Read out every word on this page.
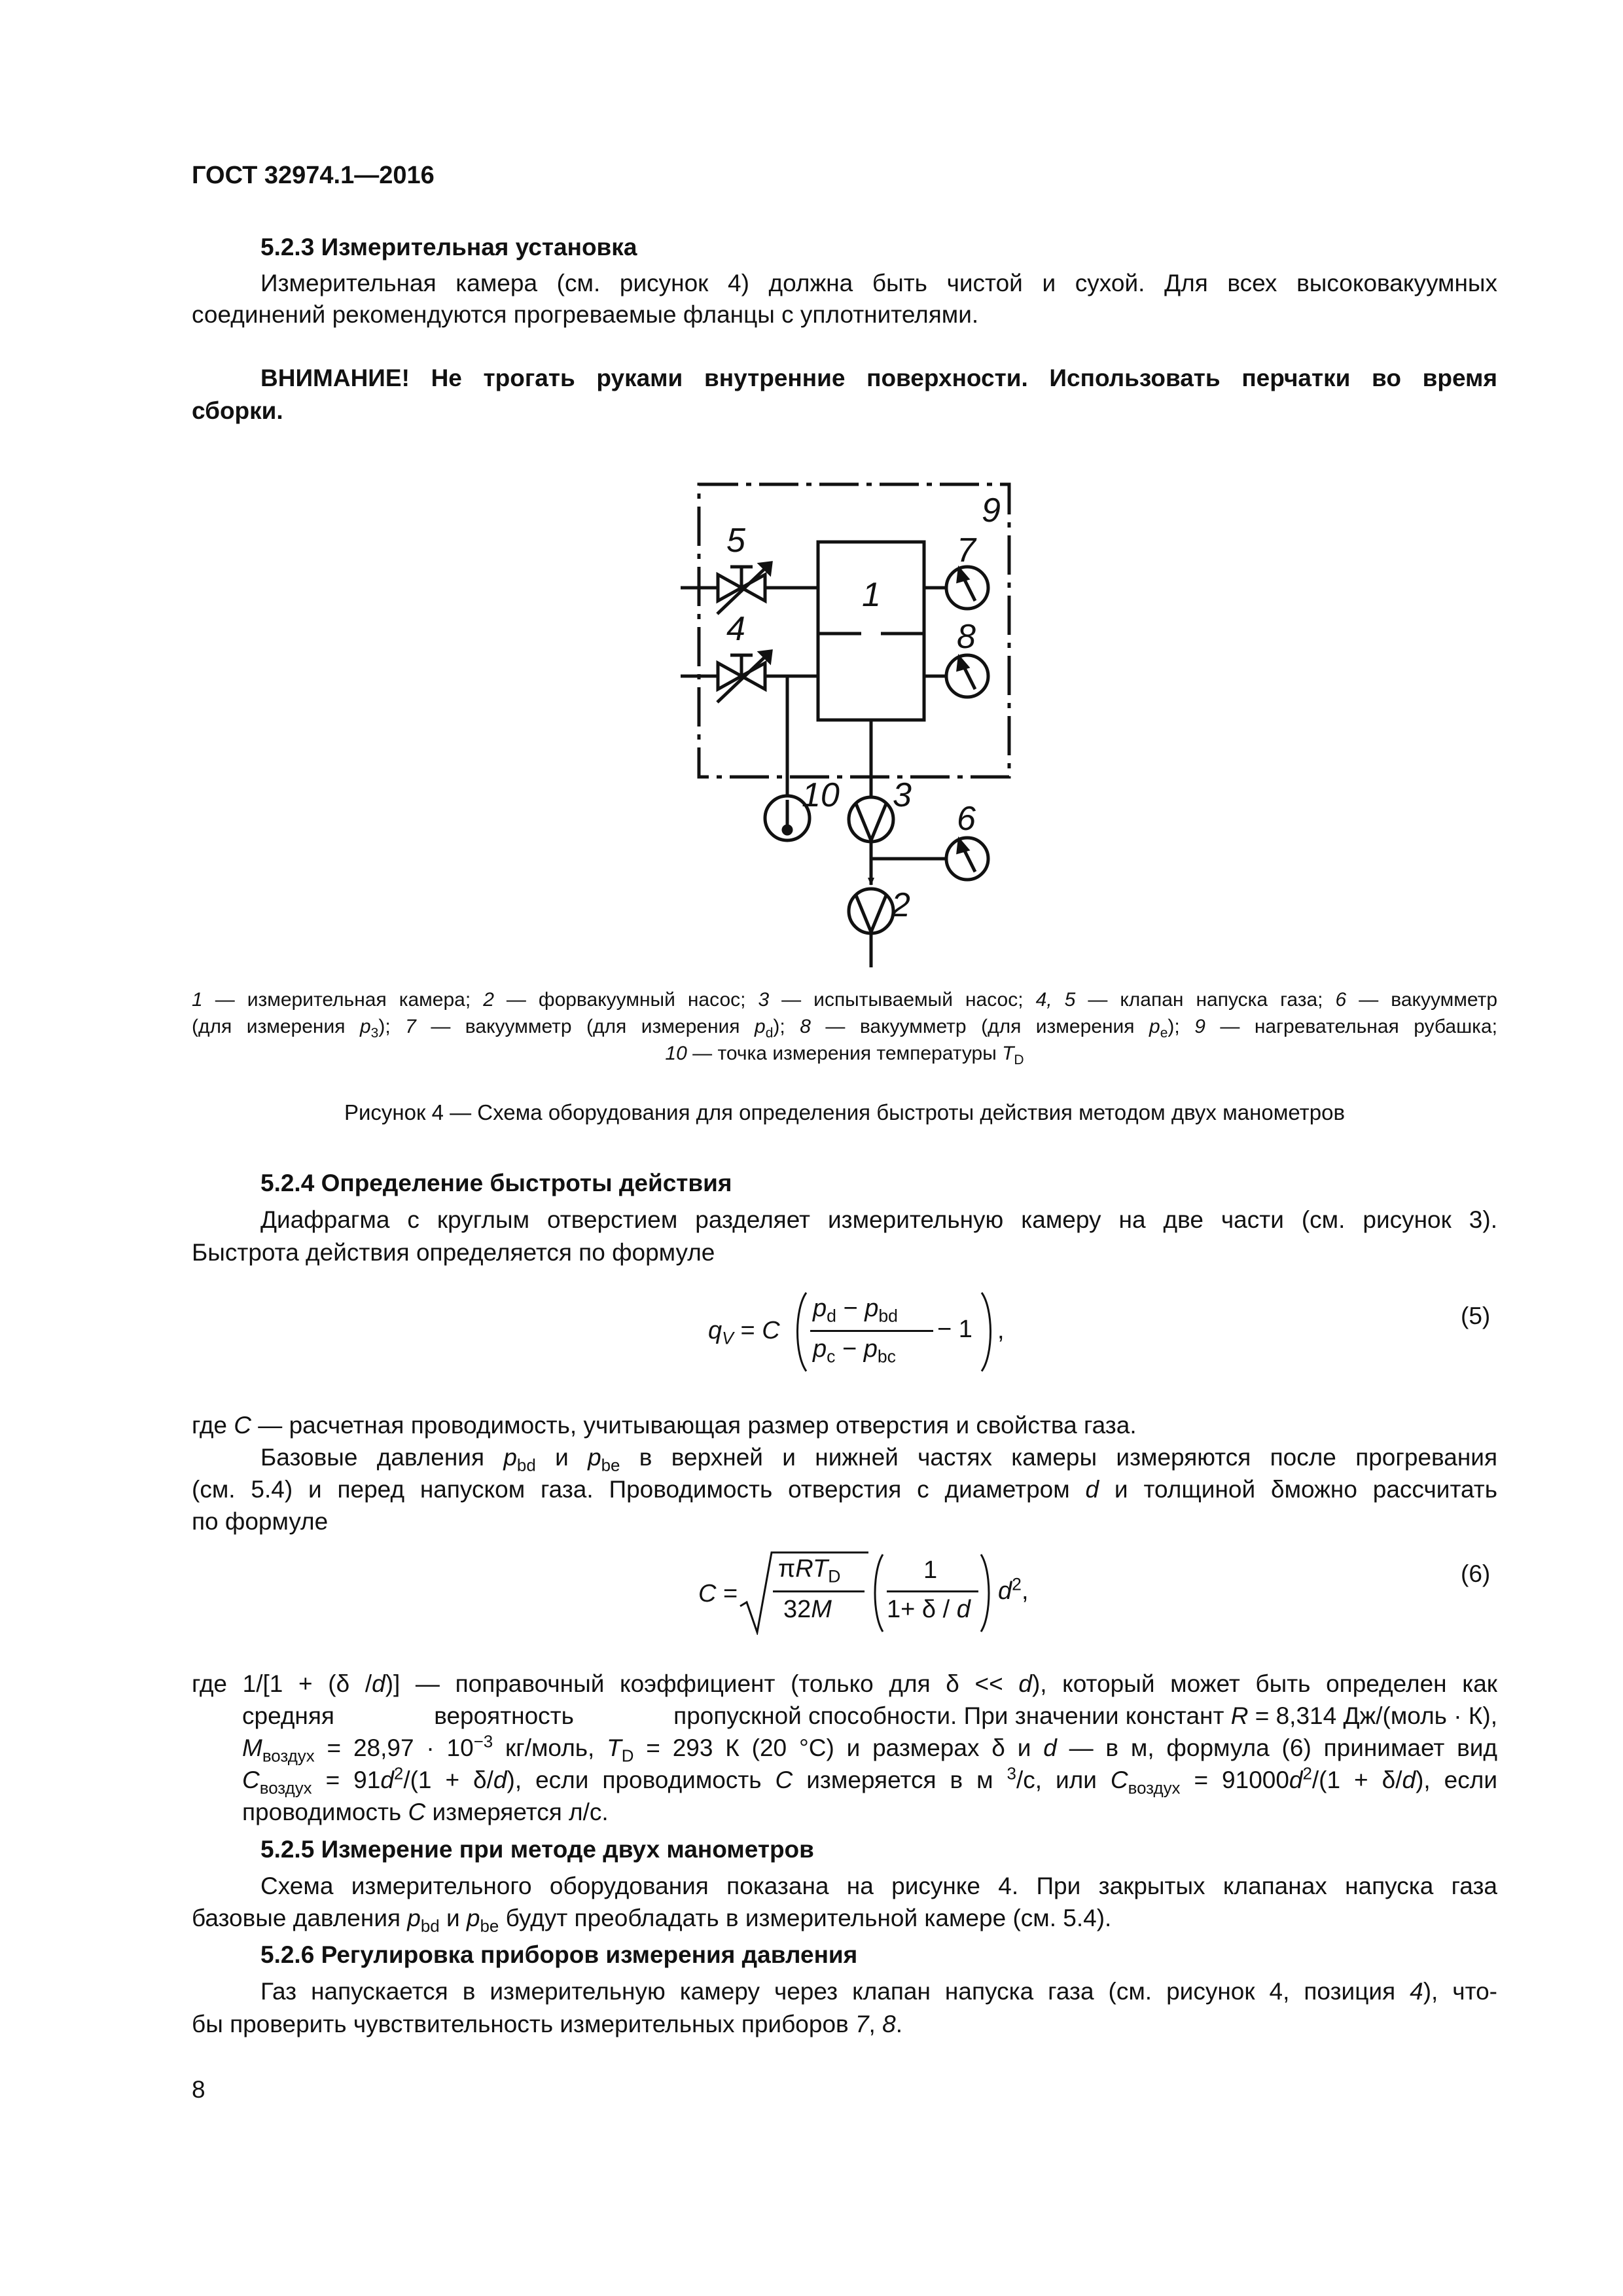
ГОСТ 32974.1—2016
5.2.3 Измерительная установка
Измерительная камера (см. рисунок 4) должна быть чистой и сухой. Для всех высоковакуумных
соединений рекомендуются прогреваемые фланцы с уплотнителями.
ВНИМАНИЕ! Не трогать руками внутренние поверхности. Использовать перчатки во время
сборки.
1
2
3
4
5
6
7
8
9
10
1 — измерительная камера; 2 — форвакуумный насос; 3 — испытываемый насос; 4, 5 — клапан напуска газа; 6 — вакуумметр
(для измерения $p_3$); 7 — вакуумметр (для измерения $p_d$); 8 — вакуумметр (для измерения $p_e$); 9 — нагревательная рубашка;
10 — точка измерения температуры $T_D$
Рисунок 4 — Схема оборудования для определения быстроты действия методом двух манометров
5.2.4 Определение быстроты действия
Диафрагма с круглым отверстием разделяет измерительную камеру на две части (см. рисунок 3).
Быстрота действия определяется по формуле
$q_V = C$
$p_d - p_{bd}$
$p_c - p_{bc}$
− 1 ,
(5)
где C — расчетная проводимость, учитывающая размер отверстия и свойства газа.
Базовые давления $p_{bd}$ и $p_{be}$ в верхней и нижней частях камеры измеряются после прогревания
(см. 5.4) и перед напуском газа. Проводимость отверстия с диаметром d и толщиной δможно рассчитать
по формуле
C =
πRT$_D$
32M
1
1+ δ / d
$d^2$,
(6)
где 1/[1 + (δ /d)] — поправочный коэффициент (только для δ << d), который может быть определен как
средняя	вероятность	пропускной способности. При значении констант R = 8,314 Дж/(моль · К),
$M_{воздух} = 28,97 \cdot 10^{-3}$ кг/моль, $T_D = 293$ К (20 °С) и размерах δ и d — в м, формула (6) принимает вид
$C_{воздух} = 91d^2/(1 + \delta/d)$, если проводимость C измеряется в м $^3$/с, или $C_{воздух} = 91000d^2/(1 + \delta/d)$, если
проводимость C измеряется л/с.
5.2.5 Измерение при методе двух манометров
Схема измерительного оборудования показана на рисунке 4. При закрытых клапанах напуска газа
базовые давления $p_{bd}$ и $p_{be}$ будут преобладать в измерительной камере (см. 5.4).
5.2.6 Регулировка приборов измерения давления
Газ напускается в измерительную камеру через клапан напуска газа (см. рисунок 4, позиция 4), что-
бы проверить чувствительность измерительных приборов 7, 8.
8
